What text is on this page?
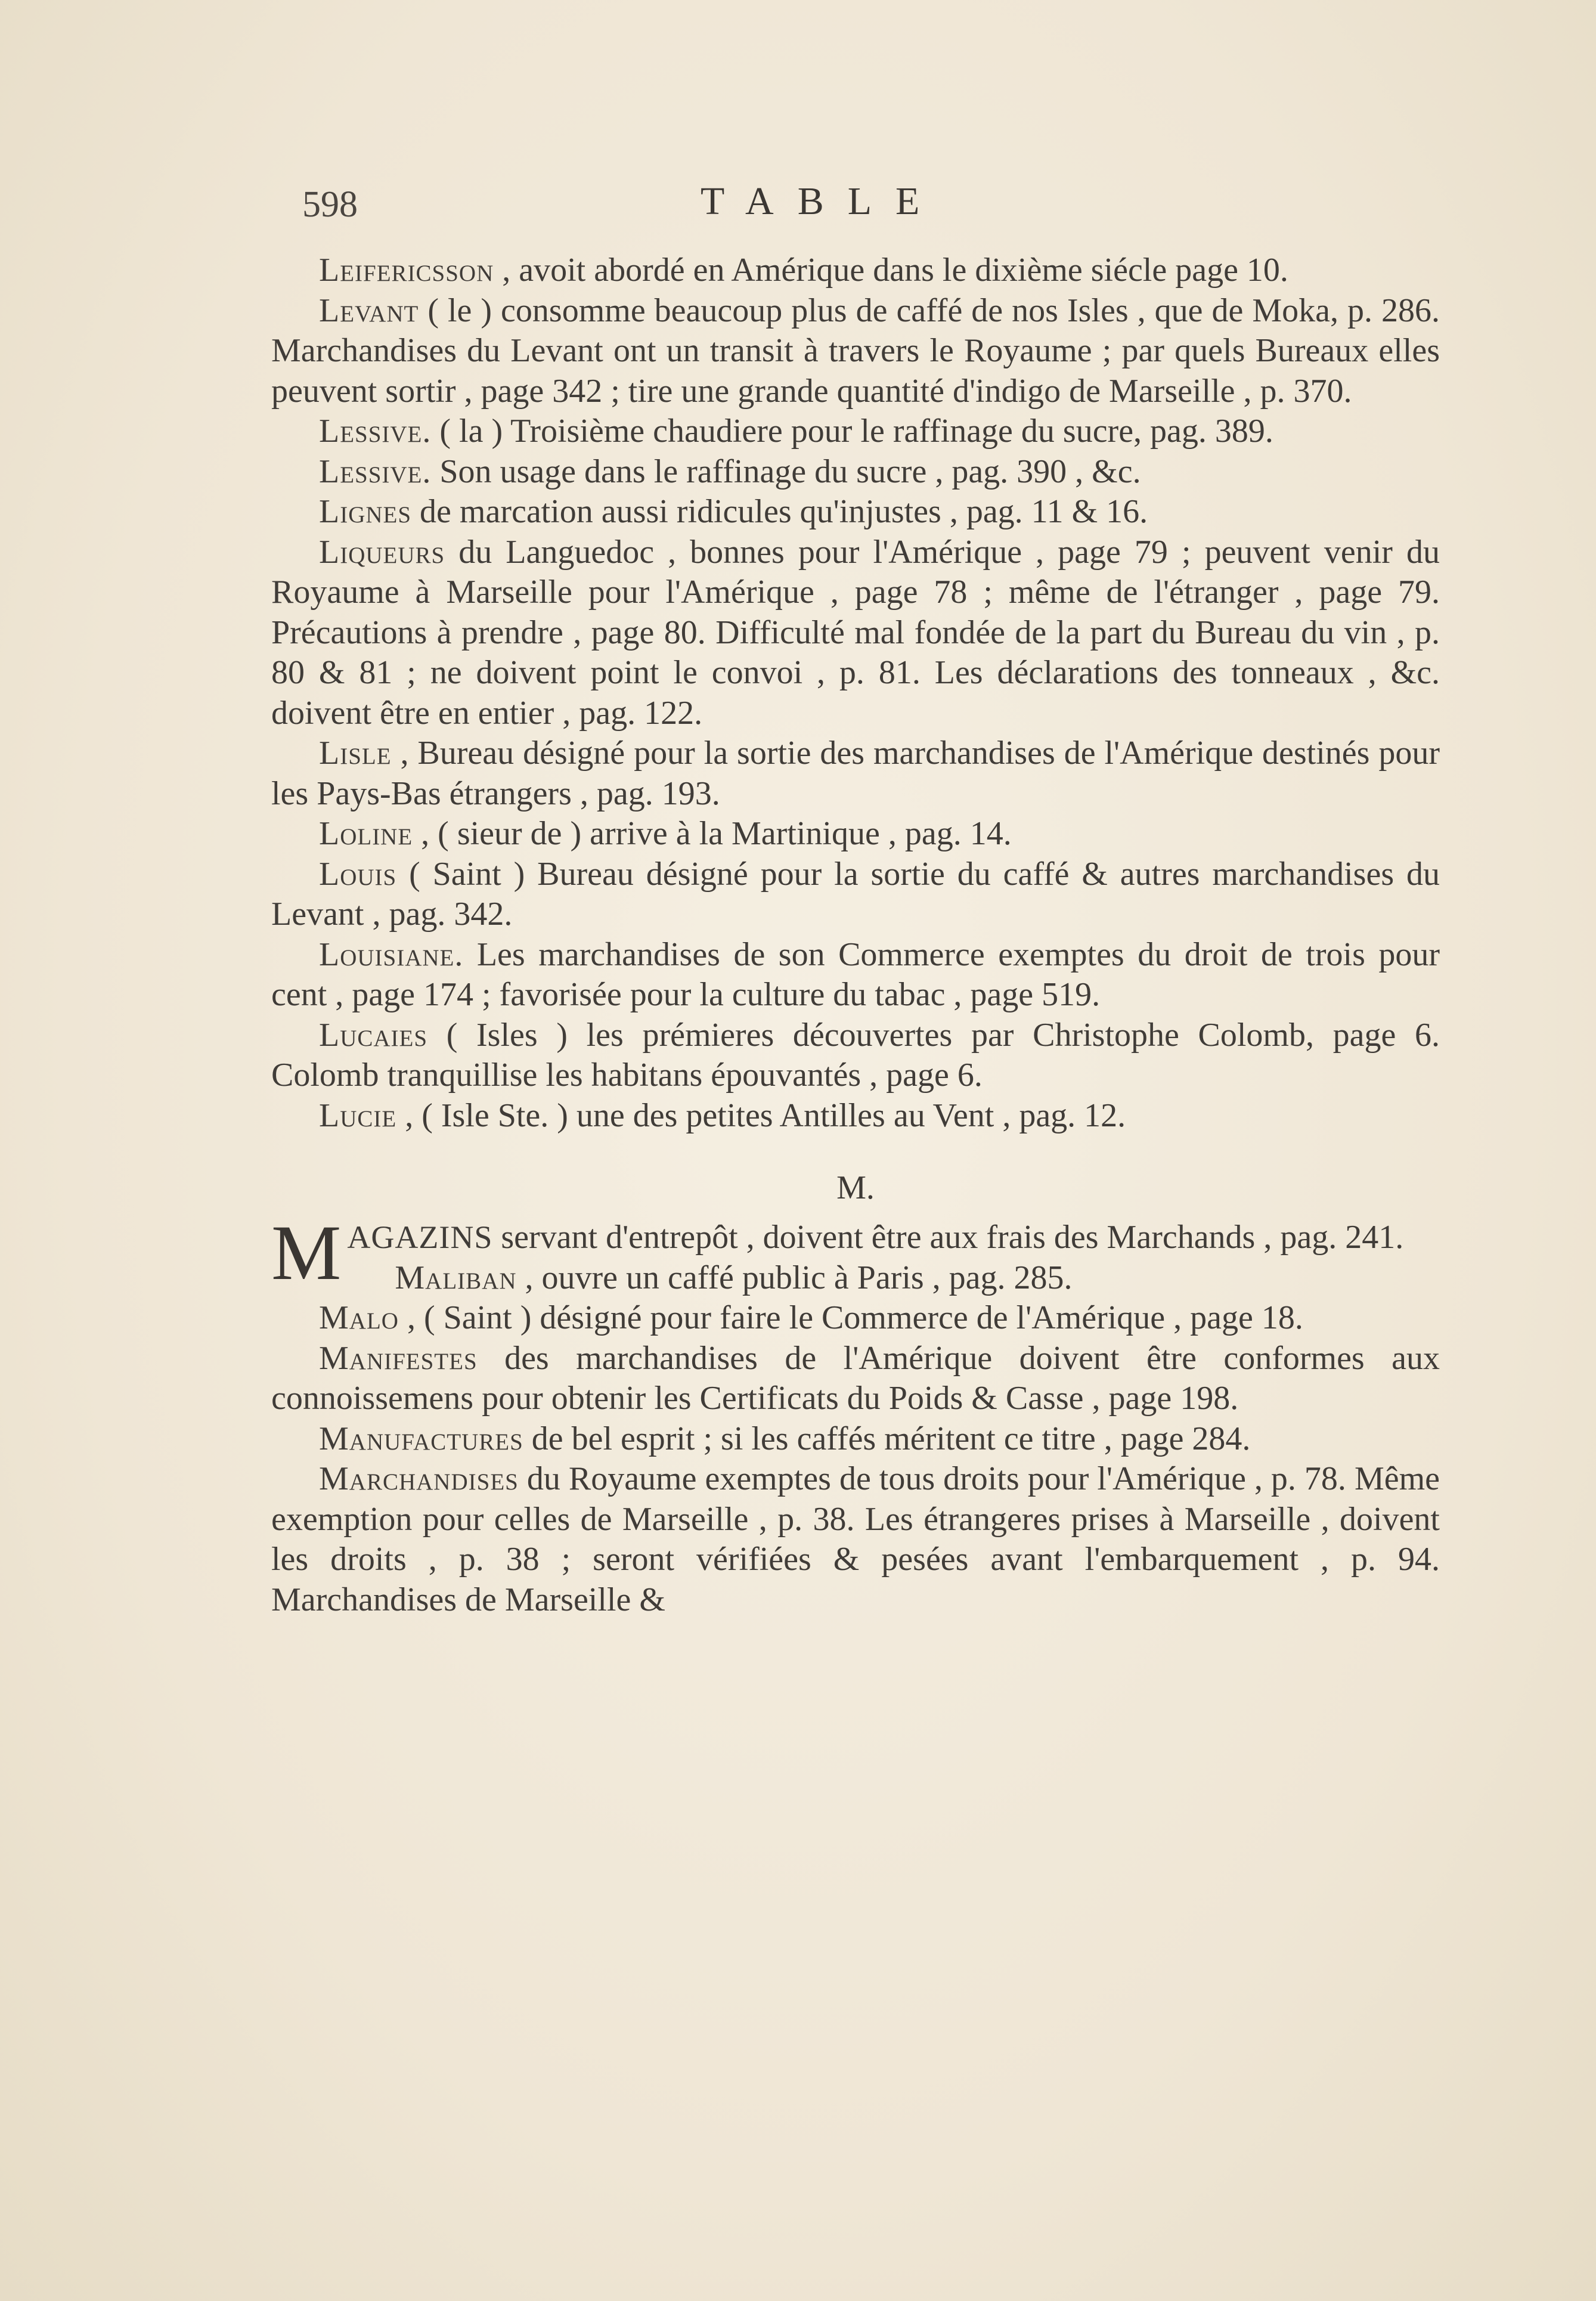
598	TABLE

Leifericsson , avoit abordé en Amérique dans le dixième siécle page 10.

Levant ( le ) consomme beaucoup plus de caffé de nos Isles , que de Moka, p. 286. Marchandises du Levant ont un transit à travers le Royaume ; par quels Bureaux elles peuvent sortir , page 342 ; tire une grande quantité d'indigo de Marseille , p. 370.

Lessive. ( la ) Troisième chaudiere pour le raffinage du sucre, pag. 389.

Lessive. Son usage dans le raffinage du sucre , pag. 390 , &c.

Lignes de marcation aussi ridicules qu'injustes , pag. 11 & 16.

Liqueurs du Languedoc , bonnes pour l'Amérique , page 79 ; peuvent venir du Royaume à Marseille pour l'Amérique , page 78 ; même de l'étranger , page 79. Précautions à prendre , page 80. Difficulté mal fondée de la part du Bureau du vin , p. 80 & 81 ; ne doivent point le convoi , p. 81. Les déclarations des tonneaux , &c. doivent être en entier , pag. 122.

Lisle , Bureau désigné pour la sortie des marchandises de l'Amérique destinés pour les Pays-Bas étrangers , pag. 193.

Loline , ( sieur de ) arrive à la Martinique , pag. 14.

Louis ( Saint ) Bureau désigné pour la sortie du caffé & autres marchandises du Levant , pag. 342.

Louisiane. Les marchandises de son Commerce exemptes du droit de trois pour cent , page 174 ; favorisée pour la culture du tabac , page 519.

Lucaies ( Isles ) les prémieres découvertes par Christophe Colomb, page 6. Colomb tranquillise les habitans épouvantés , page 6.

Lucie , ( Isle Ste. ) une des petites Antilles au Vent , pag. 12.

M.

MAGAZINS servant d'entrepôt , doivent être aux frais des Marchands , pag. 241.

Maliban , ouvre un caffé public à Paris , pag. 285.

Malo , ( Saint ) désigné pour faire le Commerce de l'Amérique , page 18.

Manifestes des marchandises de l'Amérique doivent être conformes aux connoissemens pour obtenir les Certificats du Poids & Casse , page 198.

Manufactures de bel esprit ; si les caffés méritent ce titre , page 284.

Marchandises du Royaume exemptes de tous droits pour l'Amérique , p. 78. Même exemption pour celles de Marseille , p. 38. Les étrangeres prises à Marseille , doivent les droits , p. 38 ; seront vérifiées & pesées avant l'embarquement , p. 94. Marchandises de Marseille &
